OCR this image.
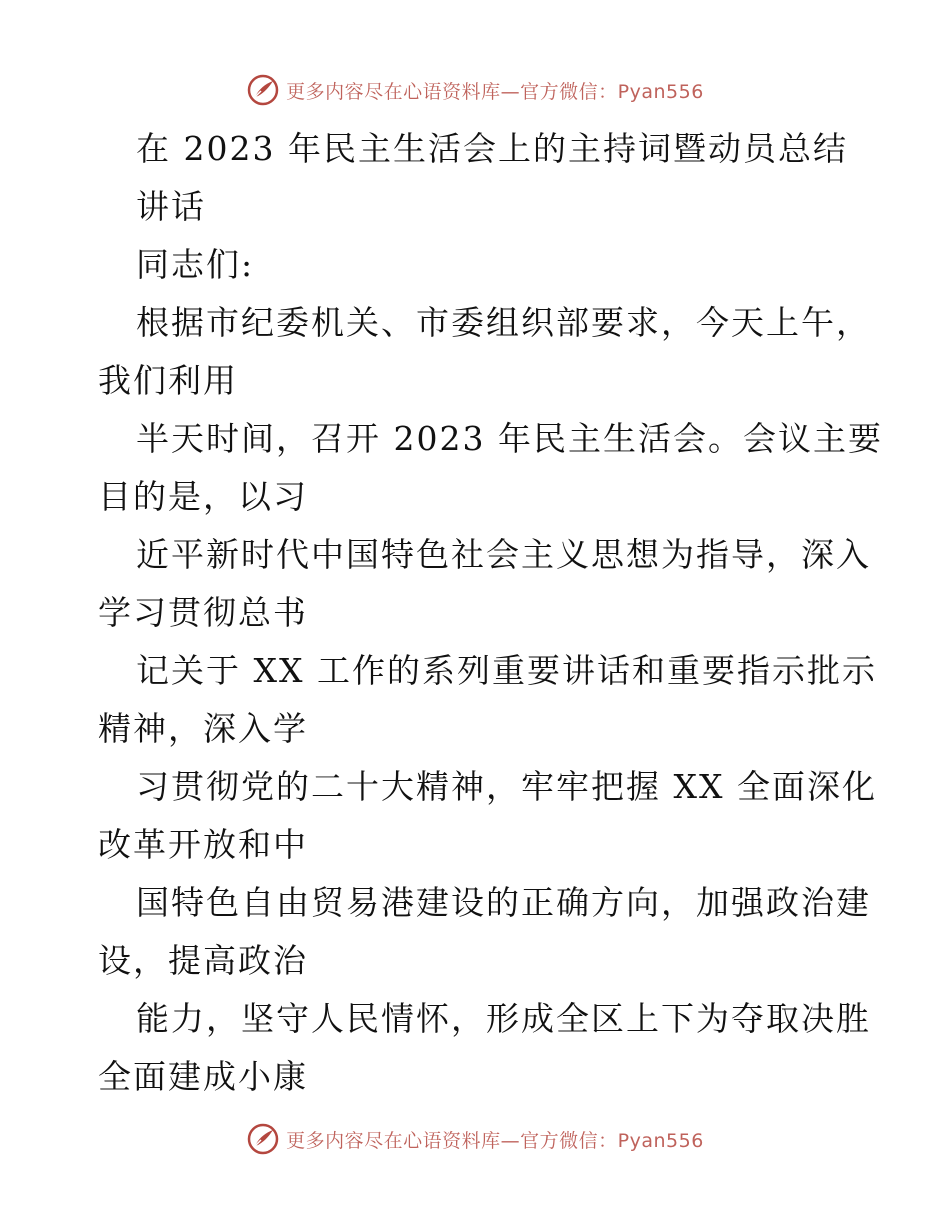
更多内容尽在心语资料库—官方微信：Pyan556
在 2023 年民主生活会上的主持词暨动员总结
讲话
同志们:
根据市纪委机关、市委组织部要求，今天上午，
我们利用
半天时间，召开 2023 年民主生活会。会议主要
目的是，以习
近平新时代中国特色社会主义思想为指导，深入
学习贯彻总书
记关于 XX 工作的系列重要讲话和重要指示批示
精神，深入学
习贯彻党的二十大精神，牢牢把握 XX 全面深化
改革开放和中
国特色自由贸易港建设的正确方向，加强政治建
设，提高政治
能力，坚守人民情怀，形成全区上下为夺取决胜
全面建成小康
更多内容尽在心语资料库—官方微信：Pyan556
